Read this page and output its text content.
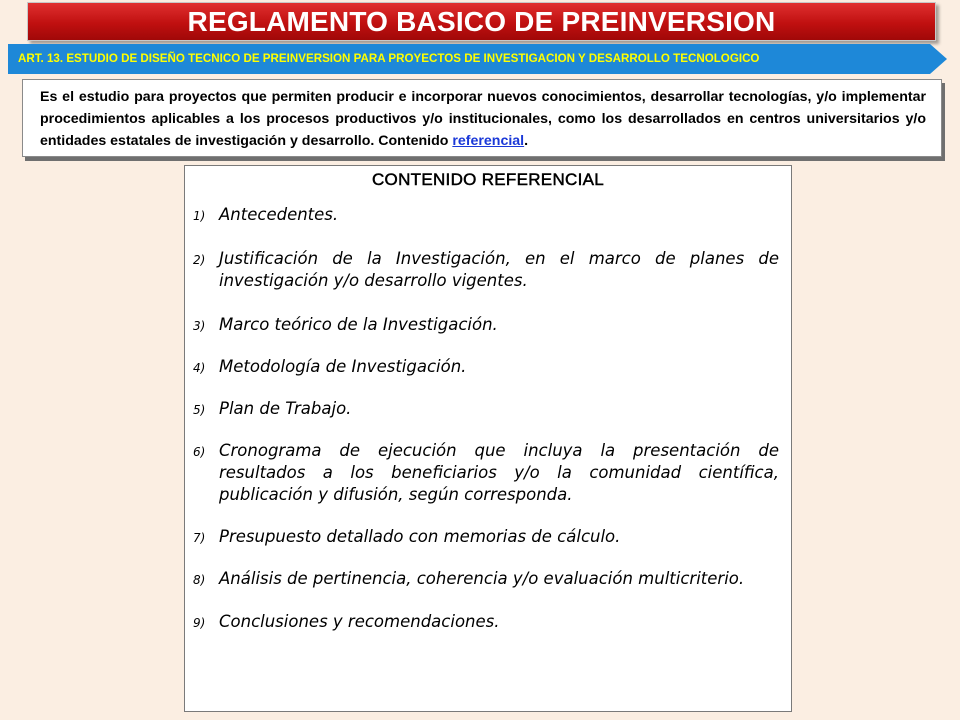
REGLAMENTO BASICO DE PREINVERSION
ART. 13. ESTUDIO DE DISEÑO TECNICO DE PREINVERSION PARA PROYECTOS DE INVESTIGACION Y DESARROLLO TECNOLOGICO

Es el estudio para proyectos que permiten producir e incorporar nuevos conocimientos, desarrollar tecnologías, y/o implementar procedimientos aplicables a los procesos productivos y/o institucionales, como los desarrollados en centros universitarios y/o entidades estatales de investigación y desarrollo. Contenido referencial.

CONTENIDO REFERENCIAL
1) Antecedentes.
2) Justificación de la Investigación, en el marco de planes de investigación y/o desarrollo vigentes.
3) Marco teórico de la Investigación.
4) Metodología de Investigación.
5) Plan de Trabajo.
6) Cronograma de ejecución que incluya la presentación de resultados a los beneficiarios y/o la comunidad científica, publicación y difusión, según corresponda.
7) Presupuesto detallado con memorias de cálculo.
8) Análisis de pertinencia, coherencia y/o evaluación multicriterio.
9) Conclusiones y recomendaciones.
